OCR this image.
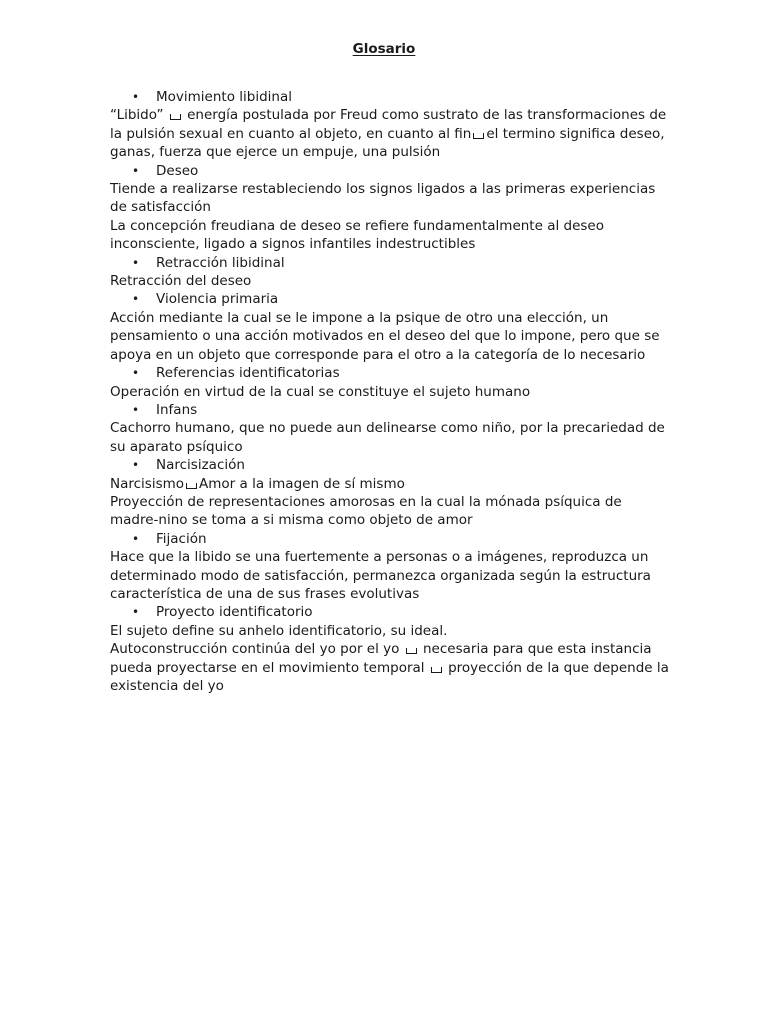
Glosario
• Movimiento libidinal

“Libido”  energía postulada por Freud como sustrato de las transformaciones de la pulsión sexual en cuanto al objeto, en cuanto al fin el termino significa deseo, ganas, fuerza que ejerce un empuje, una pulsión

• Deseo

Tiende a realizarse restableciendo los signos ligados a las primeras experiencias de satisfacción

La concepción freudiana de deseo se refiere fundamentalmente al deseo inconsciente, ligado a signos infantiles indestructibles

• Retracción libidinal

Retracción del deseo

• Violencia primaria

Acción mediante la cual se le impone a la psique de otro una elección, un pensamiento o una acción motivados en el deseo del que lo impone, pero que se apoya en un objeto que corresponde para el otro a la categoría de lo necesario

• Referencias identificatorias

Operación en virtud de la cual se constituye el sujeto humano

• Infans

Cachorro humano, que no puede aun delinearse como niño, por la precariedad de su aparato psíquico

• Narcisización

Narcisismo Amor a la imagen de sí mismo

Proyección de representaciones amorosas en la cual la mónada psíquica de madre-nino se toma a si misma como objeto de amor

• Fijación

Hace que la libido se una fuertemente a personas o a imágenes, reproduzca un determinado modo de satisfacción, permanezca organizada según la estructura característica de una de sus frases evolutivas

• Proyecto identificatorio

El sujeto define su anhelo identificatorio, su ideal.

Autoconstrucción continúa del yo por el yo  necesaria para que esta instancia pueda proyectarse en el movimiento temporal  proyección de la que depende la existencia del yo
